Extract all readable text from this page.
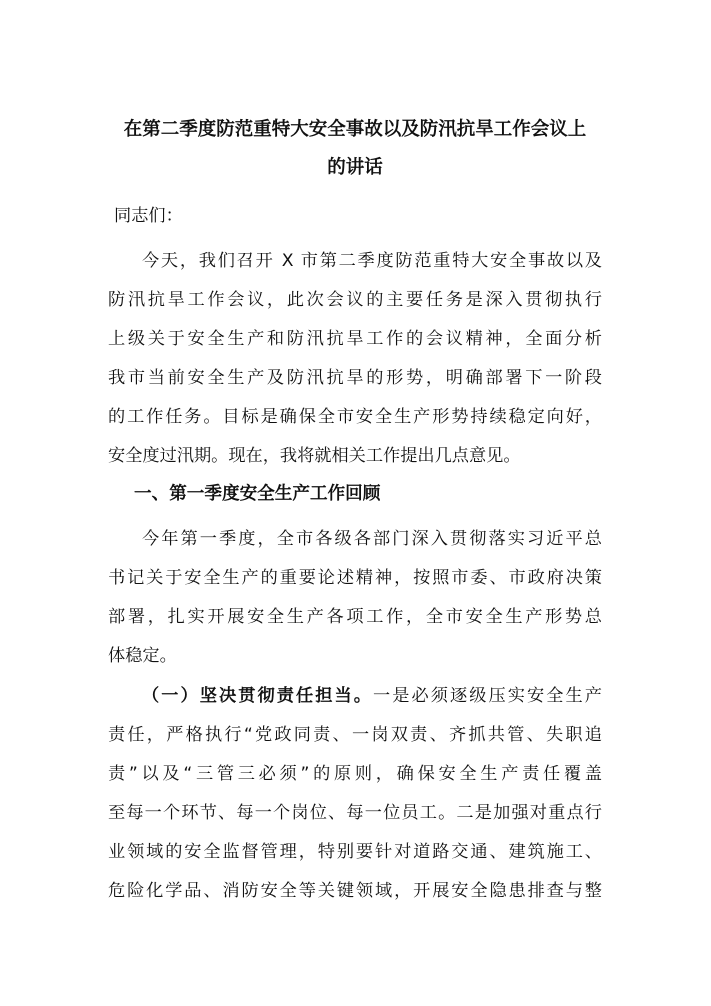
在第二季度防范重特大安全事故以及防汛抗旱工作会议上

的讲话

同志们：

今天，我们召开 X 市第二季度防范重特大安全事故以及

防汛抗旱工作会议，此次会议的主要任务是深入贯彻执行

上级关于安全生产和防汛抗旱工作的会议精神，全面分析

我市当前安全生产及防汛抗旱的形势，明确部署下一阶段

的工作任务。目标是确保全市安全生产形势持续稳定向好，

安全度过汛期。现在，我将就相关工作提出几点意见。

一、第一季度安全生产工作回顾

今年第一季度，全市各级各部门深入贯彻落实习近平总

书记关于安全生产的重要论述精神，按照市委、市政府决策

部署，扎实开展安全生产各项工作，全市安全生产形势总

体稳定。

（一）坚决贯彻责任担当。一是必须逐级压实安全生产

责任，严格执行“党政同责、一岗双责、齐抓共管、失职追

责”以及“三管三必须”的原则，确保安全生产责任覆盖

至每一个环节、每一个岗位、每一位员工。二是加强对重点行

业领域的安全监督管理，特别要针对道路交通、建筑施工、

危险化学品、消防安全等关键领域，开展安全隐患排查与整
